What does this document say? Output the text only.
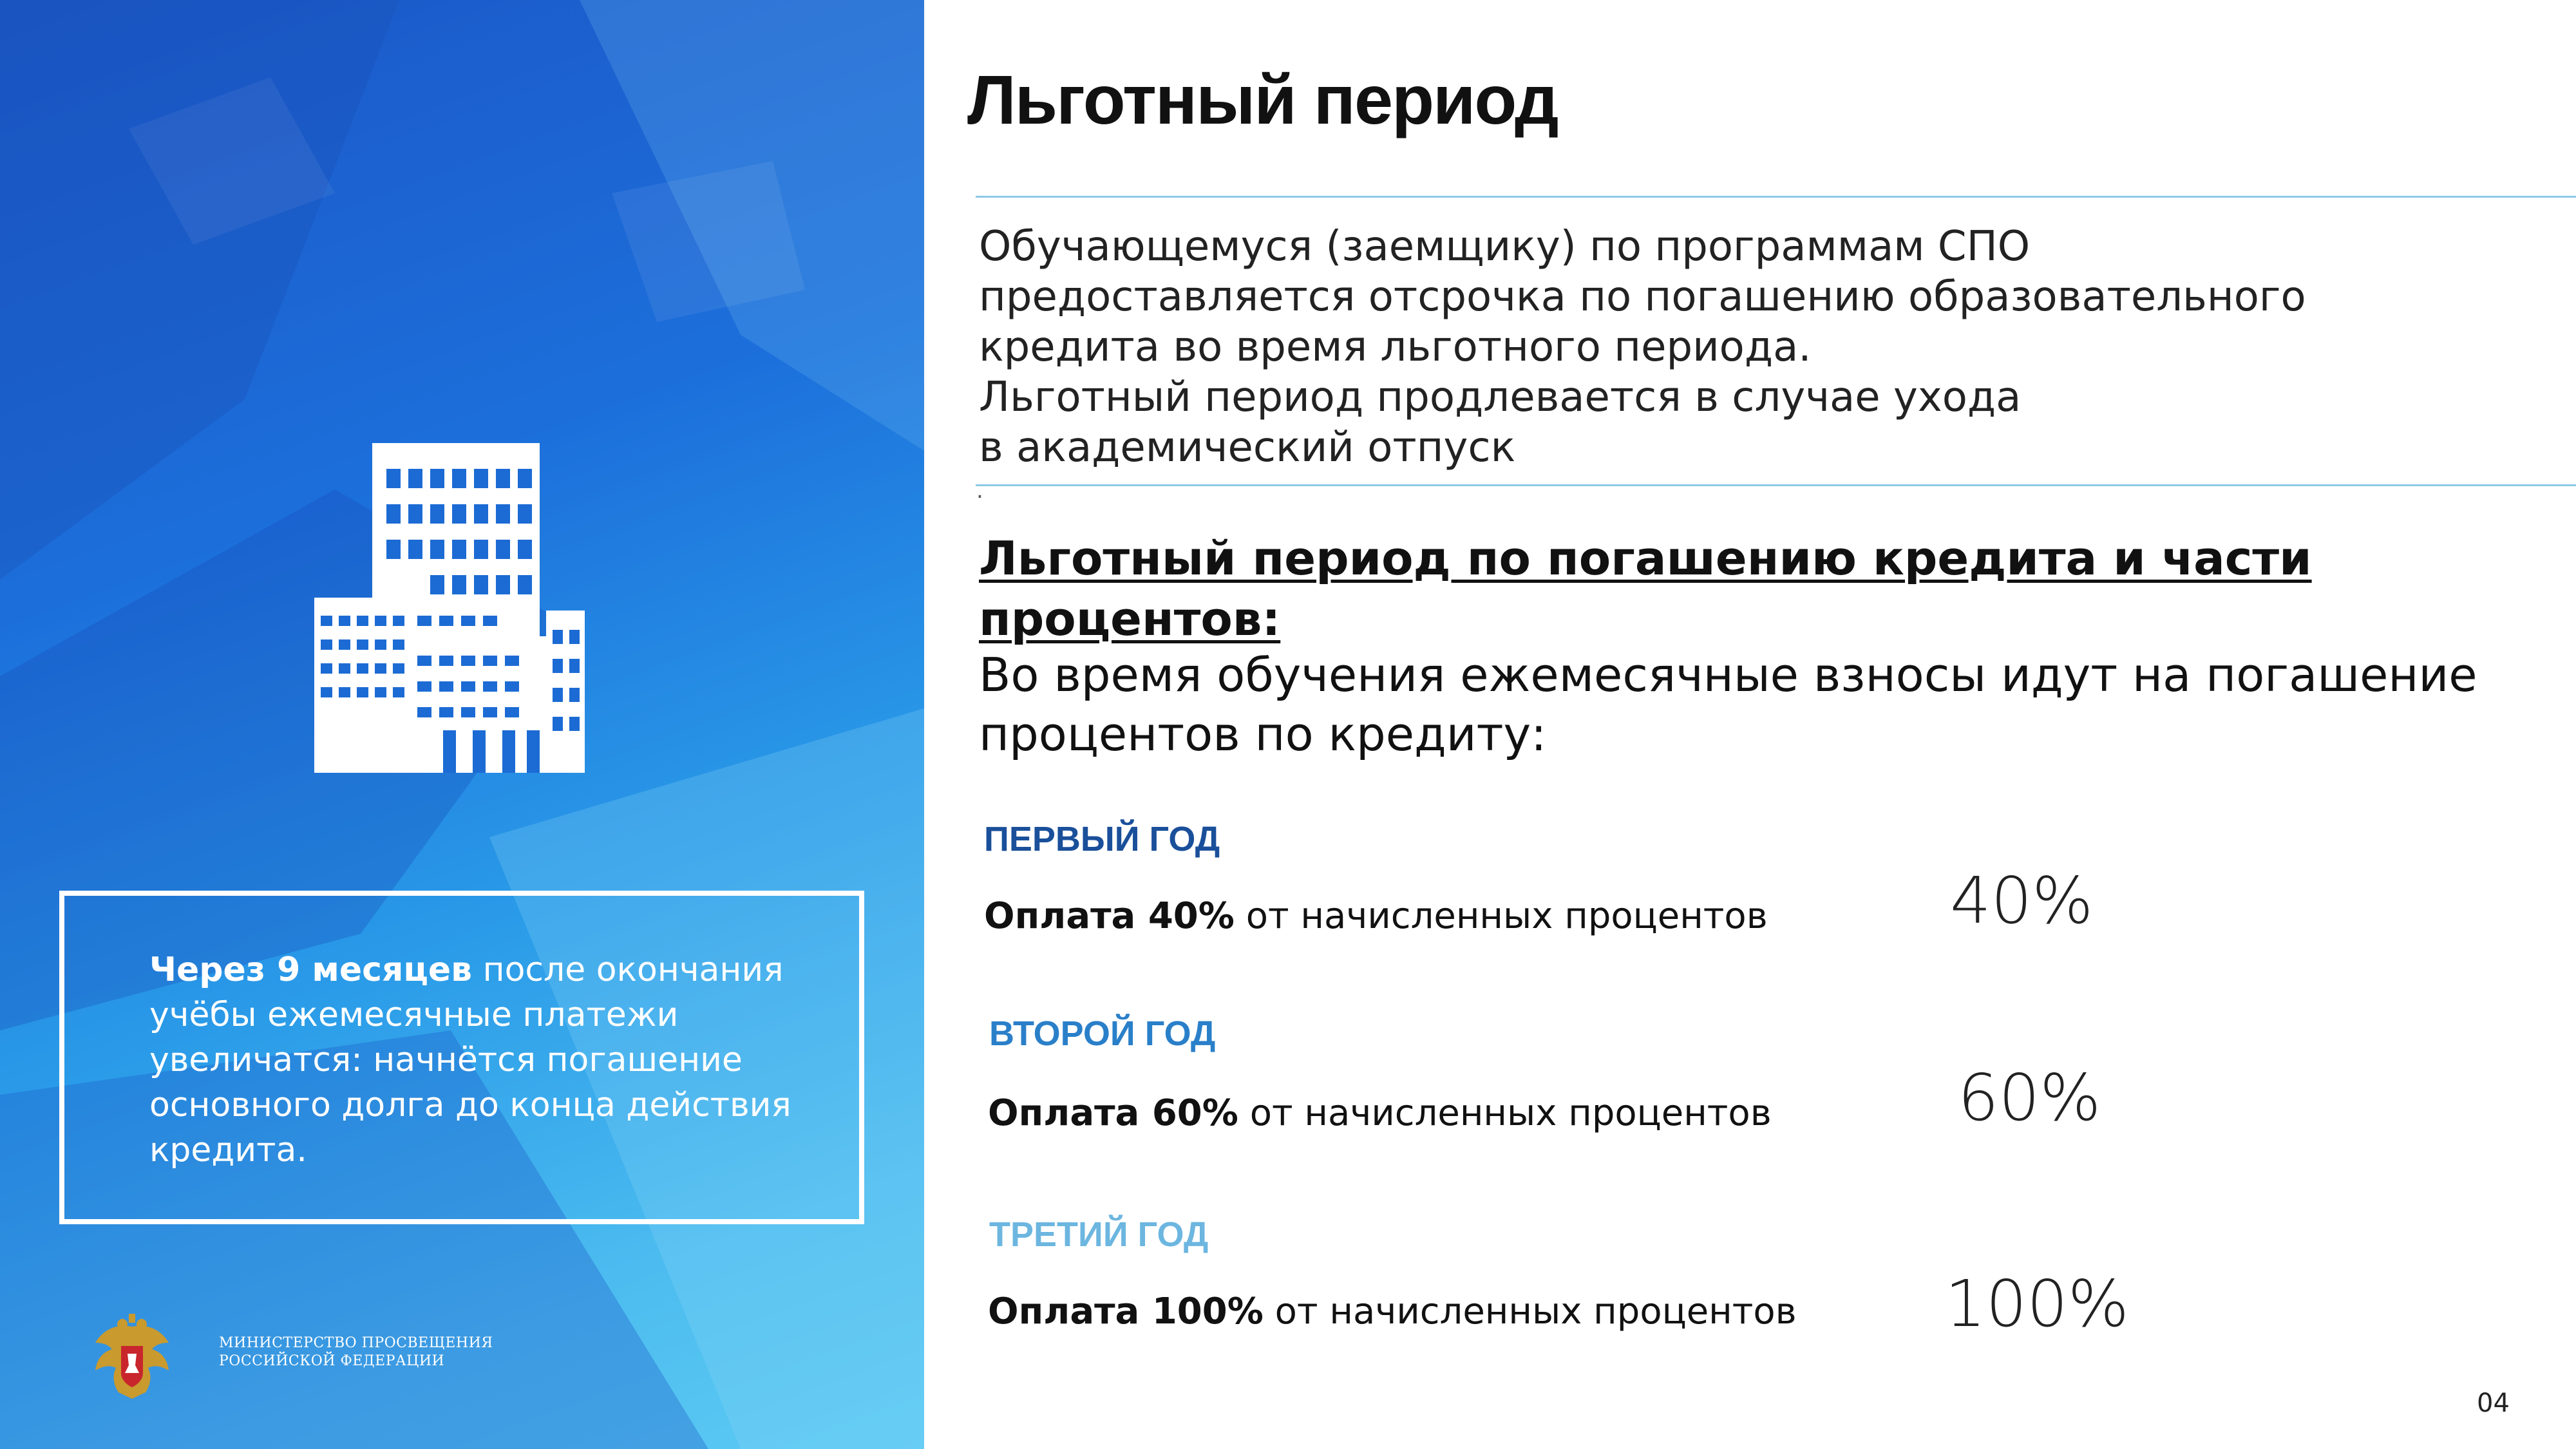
Через 9 месяцев после окончания учёбы ежемесячные платежи увеличатся: начнётся погашение основного долга до конца действия кредита.
МИНИСТЕРСТВО ПРОСВЕЩЕНИЯ
РОССИЙСКОЙ ФЕДЕРАЦИИ
Льготный период
Обучающемуся (заемщику) по программам СПО
предоставляется отсрочка по погашению образовательного
кредита во время льготного периода.
Льготный период продлевается в случае ухода
в академический отпуск
.
Льготный период по погашению кредита и части
процентов:
Во время обучения ежемесячные взносы идут на погашение
процентов по кредиту:
ПЕРВЫЙ ГОД
Оплата 40% от начисленных процентов	40%
ВТОРОЙ ГОД
Оплата 60% от начисленных процентов	60%
ТРЕТИЙ ГОД
Оплата 100% от начисленных процентов 100%
04
